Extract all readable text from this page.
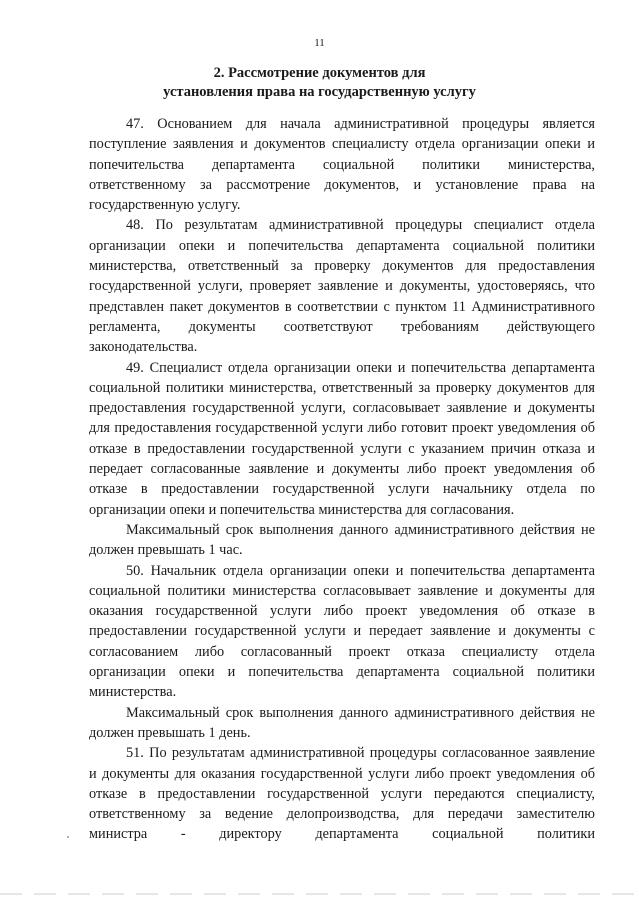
11
2. Рассмотрение документов для
установления права на государственную услугу

47. Основанием для начала административной процедуры является поступление заявления и документов специалисту отдела организации опеки и попечительства департамента социальной политики министерства, ответственному за рассмотрение документов, и установление права на государственную услугу.

48. По результатам административной процедуры специалист отдела организации опеки и попечительства департамента социальной политики министерства, ответственный за проверку документов для предоставления государственной услуги, проверяет заявление и документы, удостоверяясь, что представлен пакет документов в соответствии с пунктом 11 Административного регламента, документы соответствуют требованиям действующего законодательства.

49. Специалист отдела организации опеки и попечительства департамента социальной политики министерства, ответственный за проверку документов для предоставления государственной услуги, согласовывает заявление и документы для предоставления государственной услуги либо готовит проект уведомления об отказе в предоставлении государственной услуги с указанием причин отказа и передает согласованные заявление и документы либо проект уведомления об отказе в предоставлении государственной услуги начальнику отдела по организации опеки и попечительства министерства для согласования.

Максимальный срок выполнения данного административного действия не должен превышать 1 час.

50. Начальник отдела организации опеки и попечительства департамента социальной политики министерства согласовывает заявление и документы для оказания государственной услуги либо проект уведомления об отказе в предоставлении государственной услуги и передает заявление и документы с согласованием либо согласованный проект отказа специалисту отдела организации опеки и попечительства департамента социальной политики министерства.

Максимальный срок выполнения данного административного действия не должен превышать 1 день.

51. По результатам административной процедуры согласованное заявление и документы для оказания государственной услуги либо проект уведомления об отказе в предоставлении государственной услуги передаются специалисту, ответственному за ведение делопроизводства, для передачи заместителю министра - директору департамента социальной политики
